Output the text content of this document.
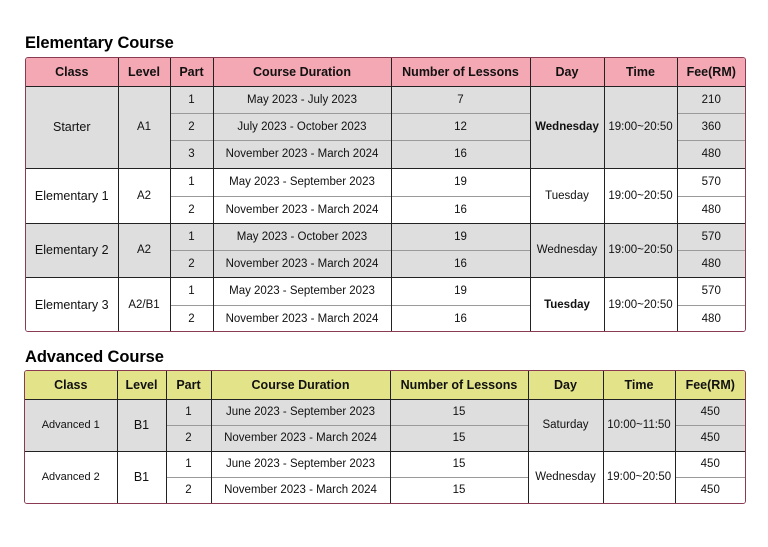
Elementary Course
Class	Level	Part	Course Duration	Number of Lessons	Day	Time	Fee(RM)
Starter	A1	1	May 2023 - July 2023	7	Wednesday	19:00~20:50	210
		2	July 2023 - October 2023	12			360
		3	November 2023 - March 2024	16			480
Elementary 1	A2	1	May 2023 - September 2023	19	Tuesday	19:00~20:50	570
		2	November 2023 - March 2024	16			480
Elementary 2	A2	1	May 2023 - October 2023	19	Wednesday	19:00~20:50	570
		2	November 2023 - March 2024	16			480
Elementary 3	A2/B1	1	May 2023 - September 2023	19	Tuesday	19:00~20:50	570
		2	November 2023 - March 2024	16			480
Advanced Course
Class	Level	Part	Course Duration	Number of Lessons	Day	Time	Fee(RM)
Advanced 1	B1	1	June 2023 - September 2023	15	Saturday	10:00~11:50	450
		2	November 2023 - March 2024	15			450
Advanced 2	B1	1	June 2023 - September 2023	15	Wednesday	19:00~20:50	450
		2	November 2023 - March 2024	15			450
